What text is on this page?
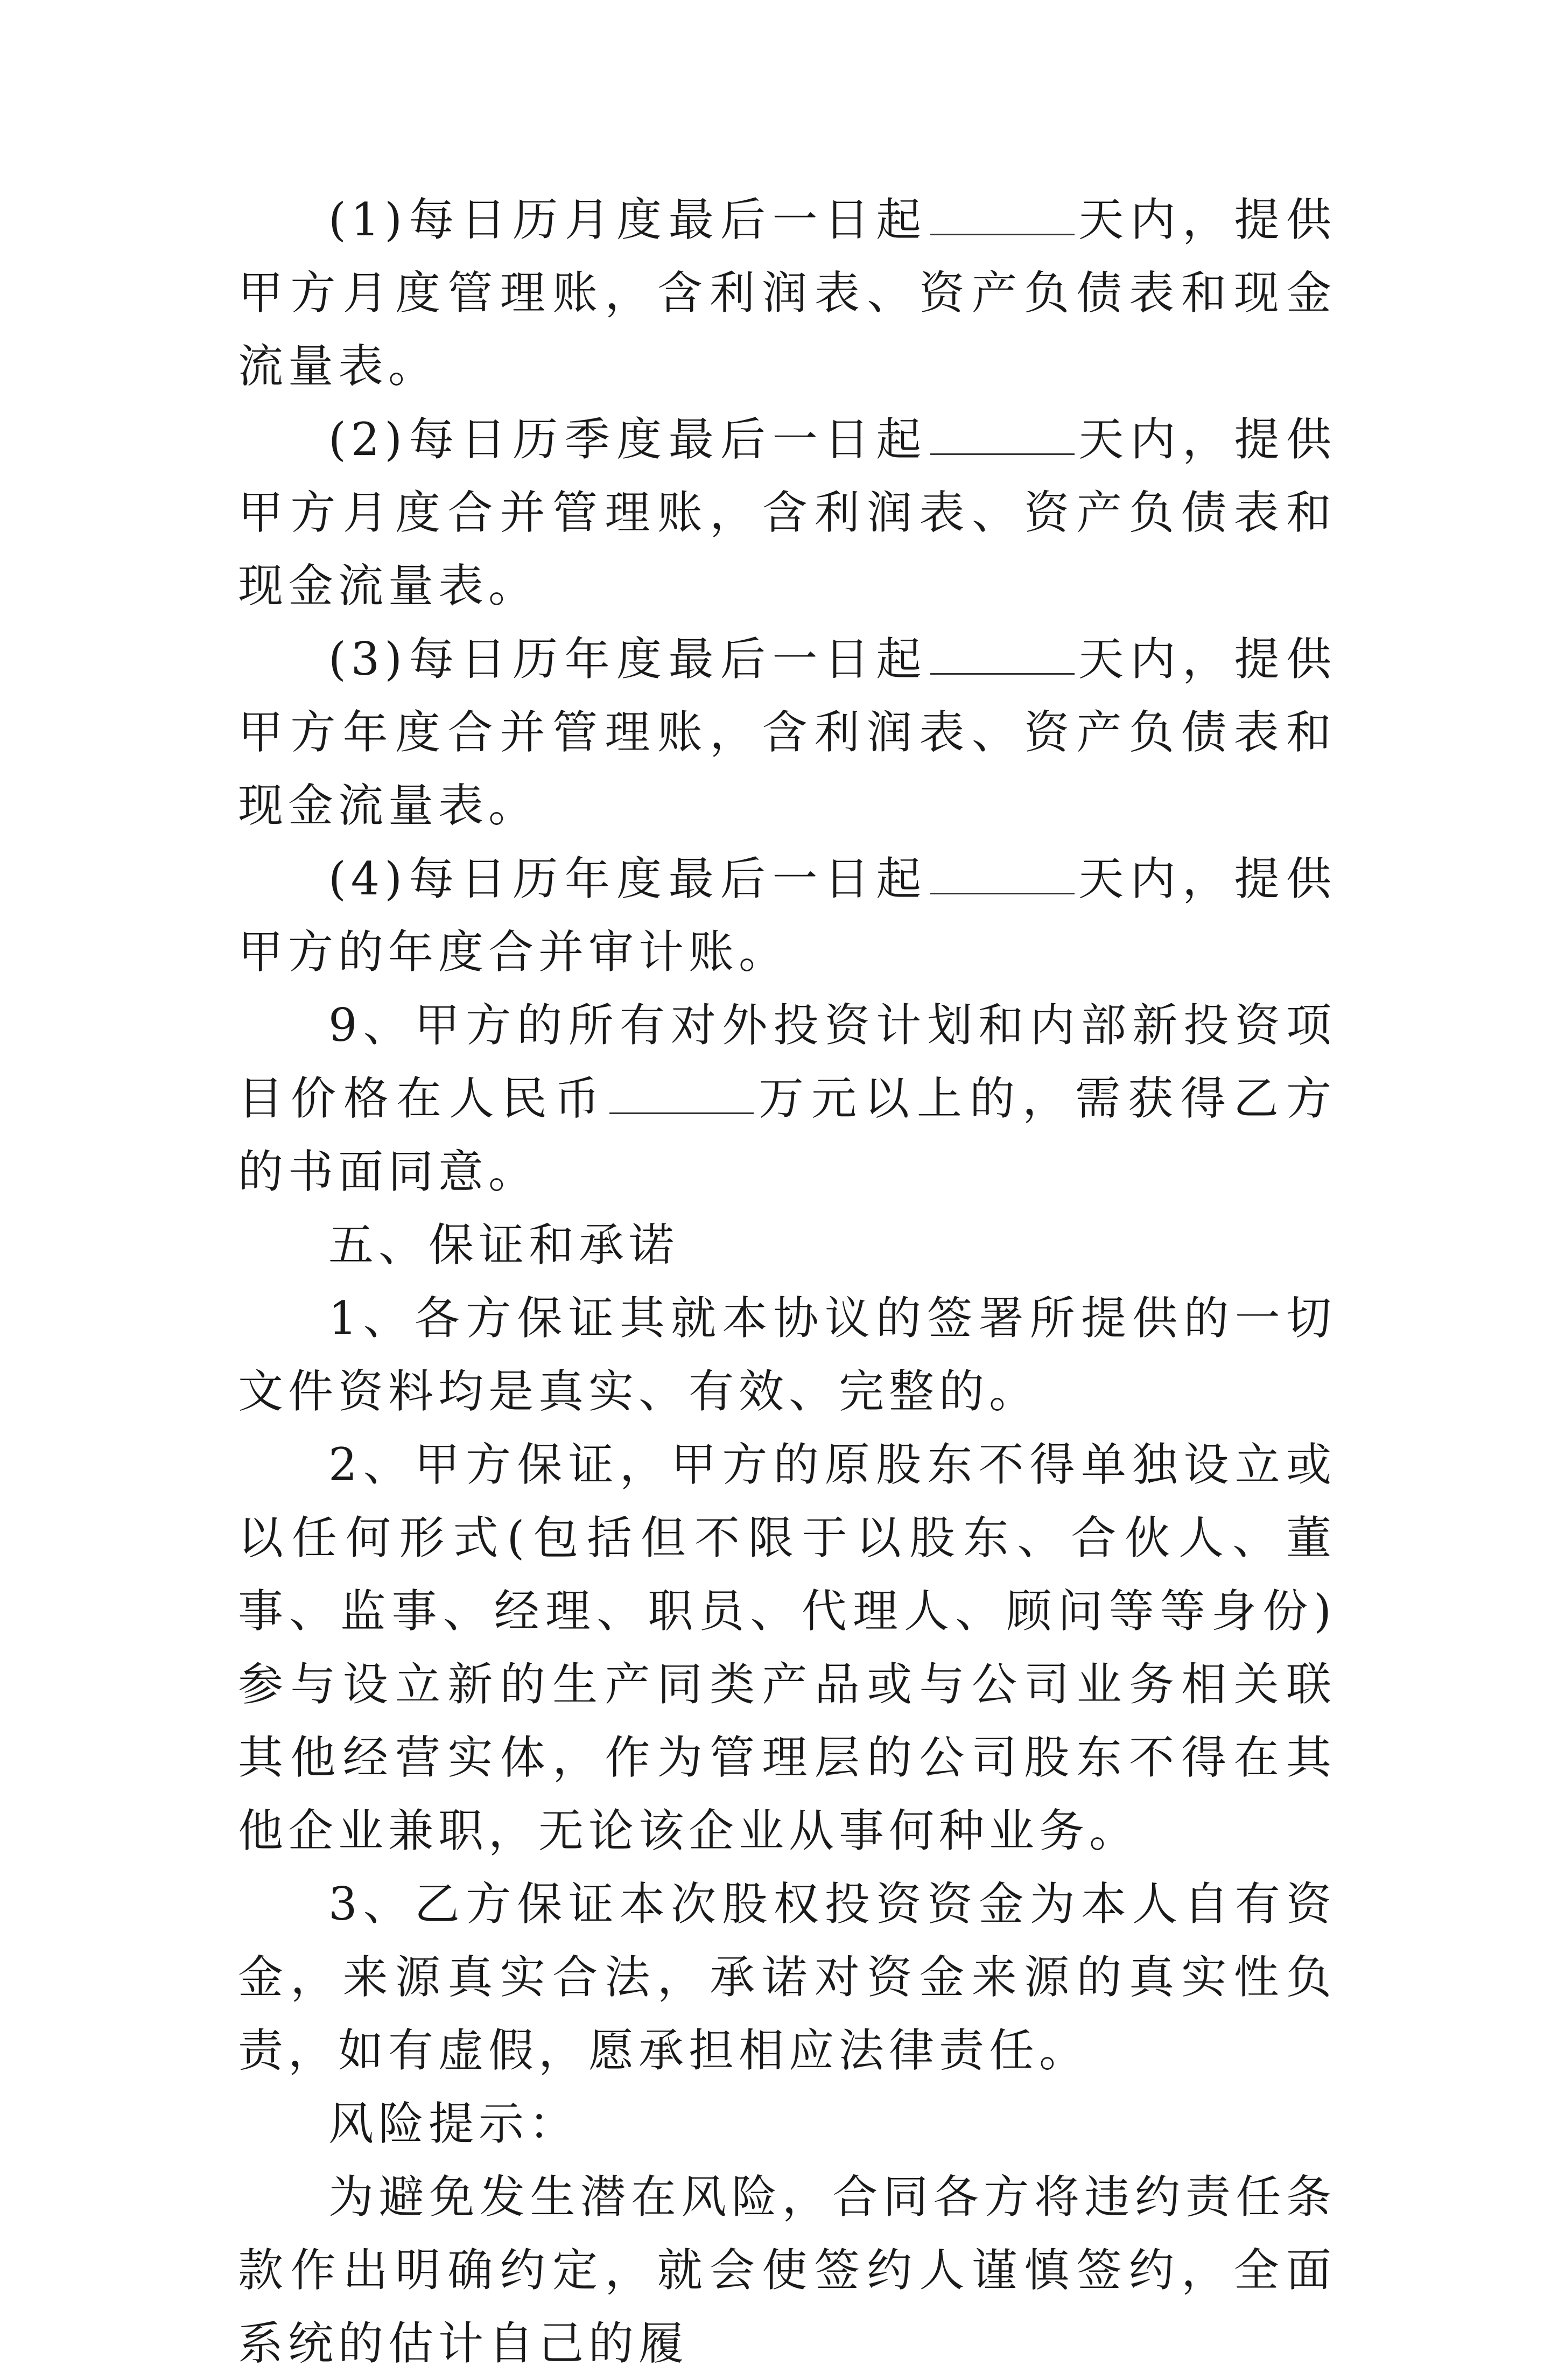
(1)每日历月度最后一日起	天内，提供甲方月度管理账，含利润表、资产负债表和现金流量表。

(2)每日历季度最后一日起	天内，提供甲方月度合并管理账，含利润表、资产负债表和现金流量表。

(3)每日历年度最后一日起	天内，提供甲方年度合并管理账，含利润表、资产负债表和现金流量表。

(4)每日历年度最后一日起	天内，提供甲方的年度合并审计账。

9、甲方的所有对外投资计划和内部新投资项目价格在人民币	万元以上的，需获得乙方的书面同意。

五、保证和承诺

1、各方保证其就本协议的签署所提供的一切文件资料均是真实、有效、完整的。

2、甲方保证，甲方的原股东不得单独设立或以任何形式(包括但不限于以股东、合伙人、董事、监事、经理、职员、代理人、顾问等等身份)参与设立新的生产同类产品或与公司业务相关联其他经营实体，作为管理层的公司股东不得在其他企业兼职，无论该企业从事何种业务。

3、乙方保证本次股权投资资金为本人自有资金，来源真实合法，承诺对资金来源的真实性负责，如有虚假，愿承担相应法律责任。

风险提示：

为避免发生潜在风险，合同各方将违约责任条款作出明确约定，就会使签约人谨慎签约，全面系统的估计自己的履
